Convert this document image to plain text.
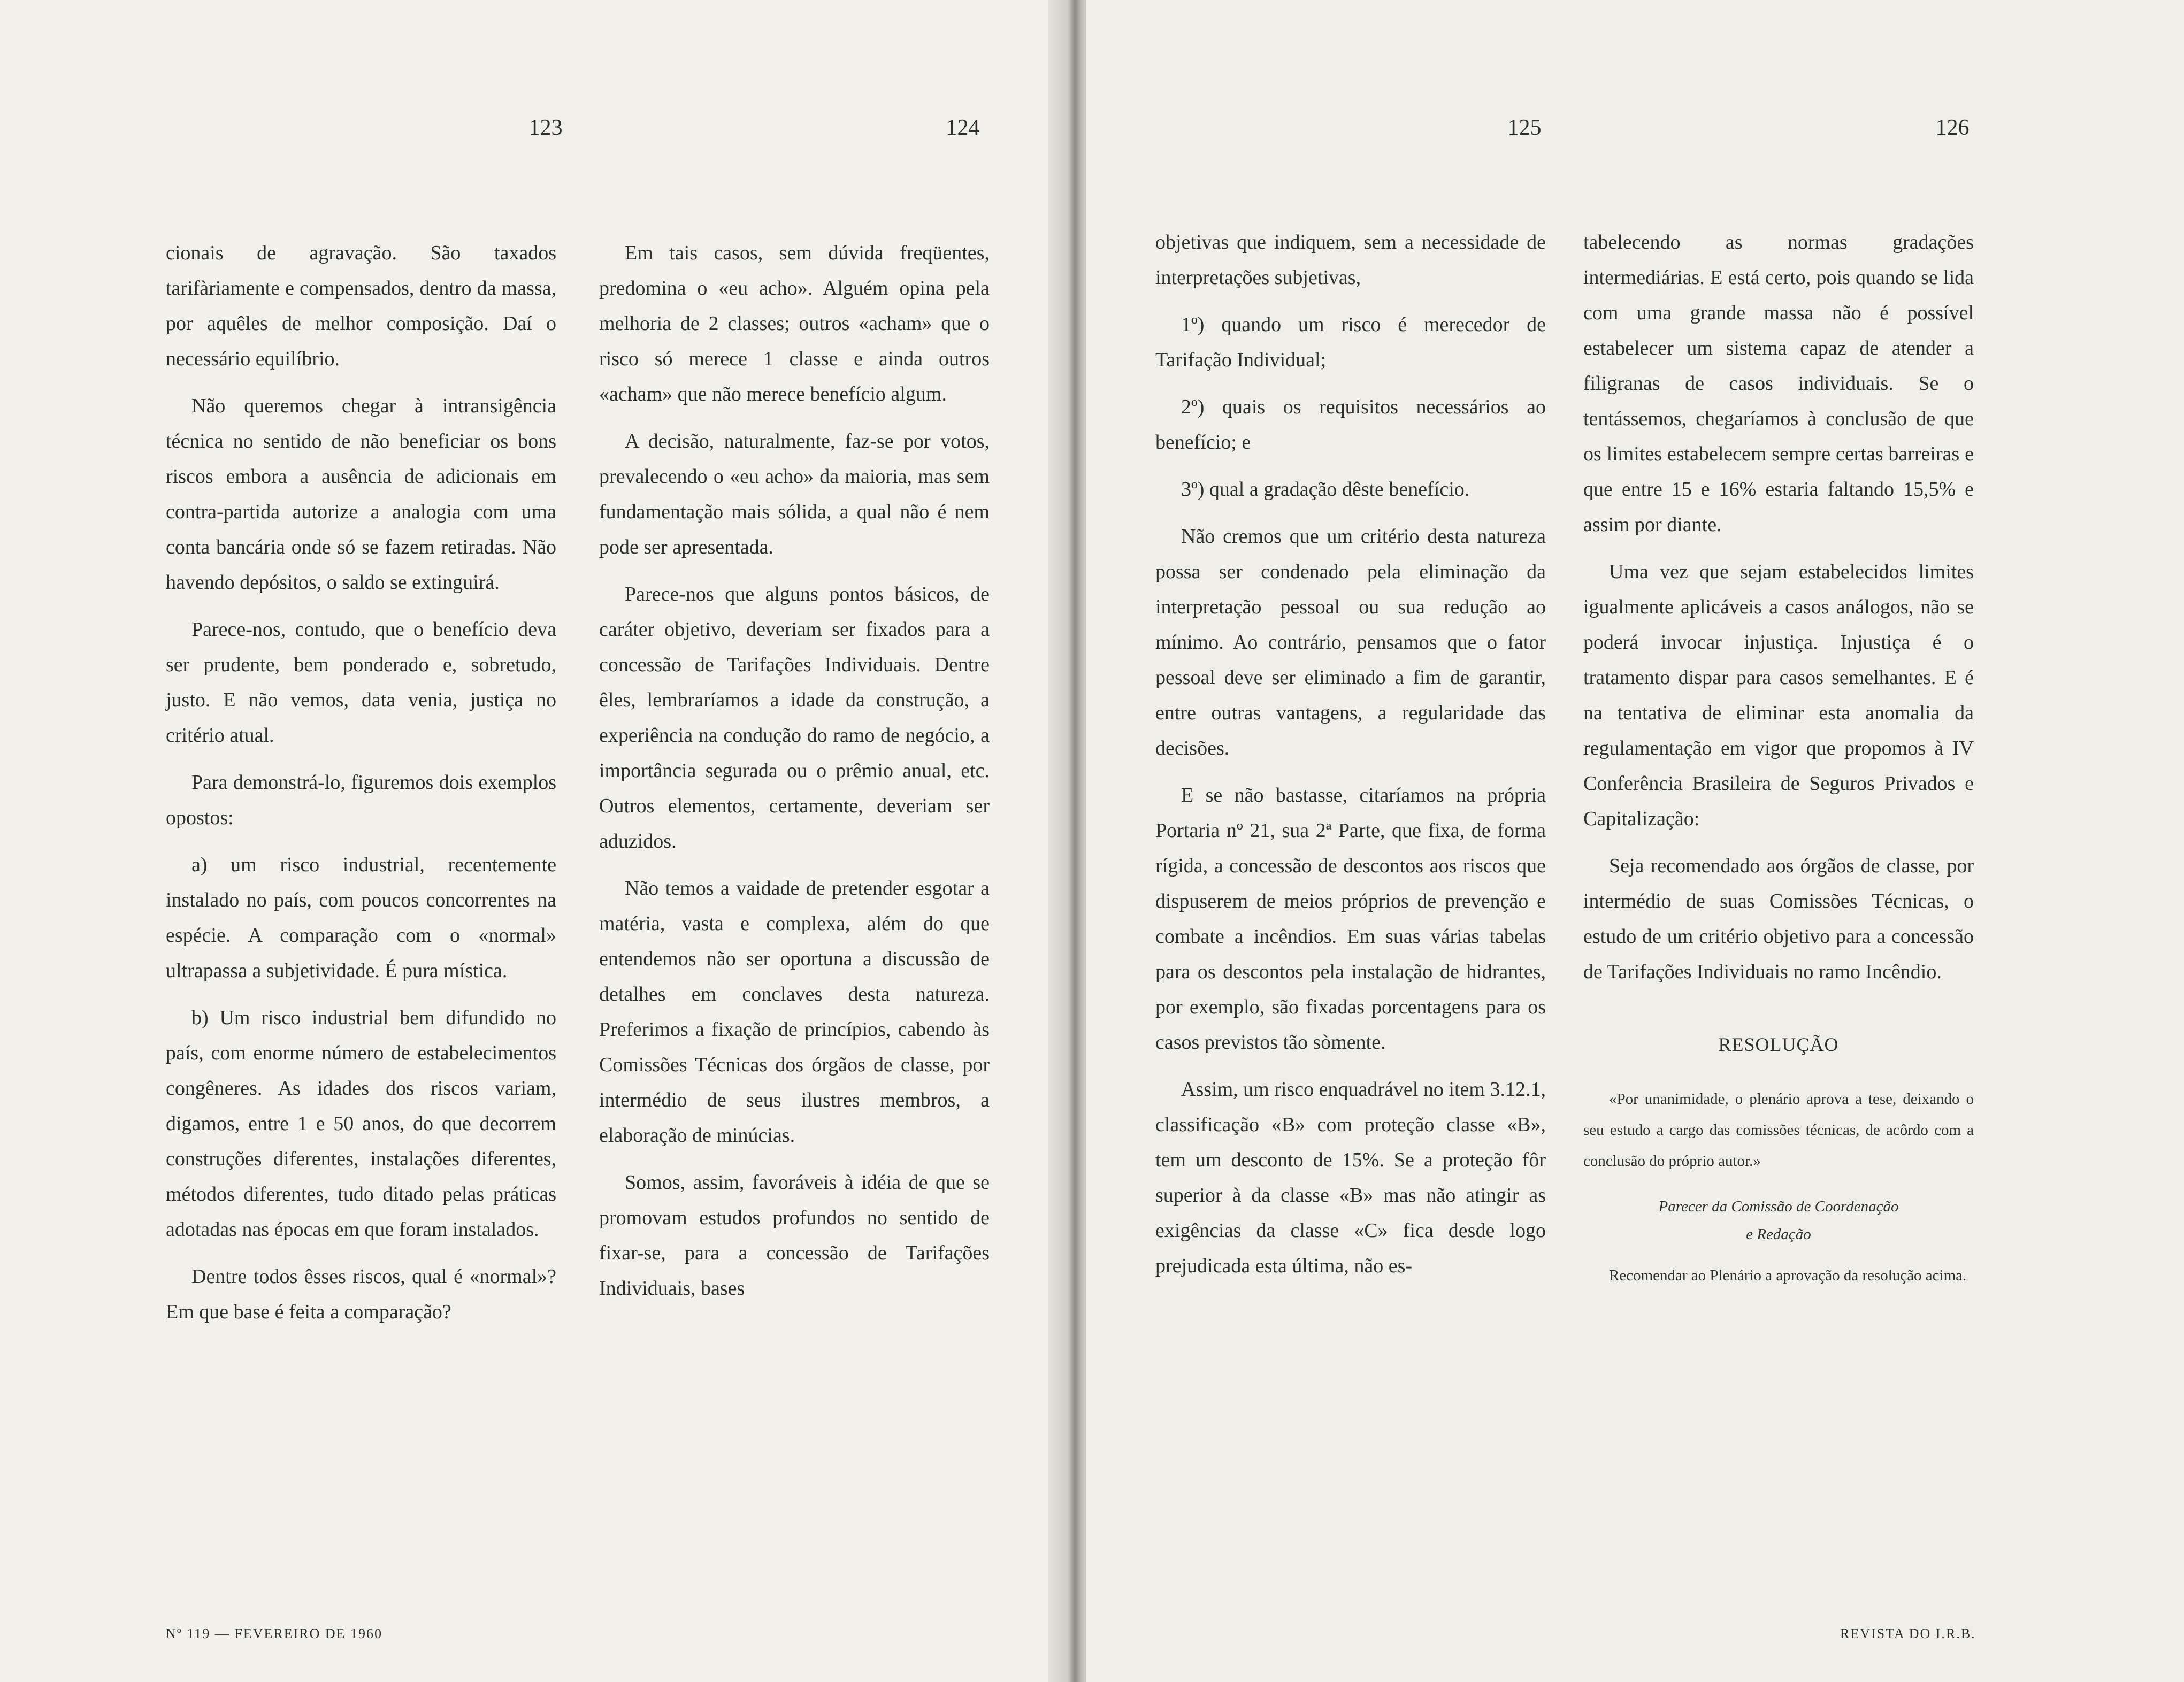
123	124

cionais de agravação. São taxados tarifàriamente e compensados, dentro da massa, por aquêles de melhor composição. Daí o necessário equilíbrio.

Não queremos chegar à intransigência técnica no sentido de não beneficiar os bons riscos embora a ausência de adicionais em contra-partida autorize a analogia com uma conta bancária onde só se fazem retiradas. Não havendo depósitos, o saldo se extinguirá.

Parece-nos, contudo, que o benefício deva ser prudente, bem ponderado e, sobretudo, justo. E não vemos, data venia, justiça no critério atual.

Para demonstrá-lo, figuremos dois exemplos opostos:

a) um risco industrial, recentemente instalado no país, com poucos concorrentes na espécie. A comparação com o «normal» ultrapassa a subjetividade. É pura mística.

b) Um risco industrial bem difundido no país, com enorme número de estabelecimentos congêneres. As idades dos riscos variam, digamos, entre 1 e 50 anos, do que decorrem construções diferentes, instalações diferentes, métodos diferentes, tudo ditado pelas práticas adotadas nas épocas em que foram instalados.

Dentre todos êsses riscos, qual é «normal»? Em que base é feita a comparação?

Em tais casos, sem dúvida freqüentes, predomina o «eu acho». Alguém opina pela melhoria de 2 classes; outros «acham» que o risco só merece 1 classe e ainda outros «acham» que não merece benefício algum.

A decisão, naturalmente, faz-se por votos, prevalecendo o «eu acho» da maioria, mas sem fundamentação mais sólida, a qual não é nem pode ser apresentada.

Parece-nos que alguns pontos básicos, de caráter objetivo, deveriam ser fixados para a concessão de Tarifações Individuais. Dentre êles, lembraríamos a idade da construção, a experiência na condução do ramo de negócio, a importância segurada ou o prêmio anual, etc. Outros elementos, certamente, deveriam ser aduzidos.

Não temos a vaidade de pretender esgotar a matéria, vasta e complexa, além do que entendemos não ser oportuna a discussão de detalhes em conclaves desta natureza. Preferimos a fixação de princípios, cabendo às Comissões Técnicas dos órgãos de classe, por intermédio de seus ilustres membros, a elaboração de minúcias.

Somos, assim, favoráveis à idéia de que se promovam estudos profundos no sentido de fixar-se, para a concessão de Tarifações Individuais, bases

Nº 119 — FEVEREIRO DE 1960

125	126

objetivas que indiquem, sem a necessidade de interpretações subjetivas,

1º) quando um risco é merecedor de Tarifação Individual;

2º) quais os requisitos necessários ao benefício; e

3º) qual a gradação dêste benefício.

Não cremos que um critério desta natureza possa ser condenado pela eliminação da interpretação pessoal ou sua redução ao mínimo. Ao contrário, pensamos que o fator pessoal deve ser eliminado a fim de garantir, entre outras vantagens, a regularidade das decisões.

E se não bastasse, citaríamos na própria Portaria nº 21, sua 2ª Parte, que fixa, de forma rígida, a concessão de descontos aos riscos que dispuserem de meios próprios de prevenção e combate a incêndios. Em suas várias tabelas para os descontos pela instalação de hidrantes, por exemplo, são fixadas porcentagens para os casos previstos tão sòmente.

Assim, um risco enquadrável no item 3.12.1, classificação «B» com proteção classe «B», tem um desconto de 15%. Se a proteção fôr superior à da classe «B» mas não atingir as exigências da classe «C» fica desde logo prejudicada esta última, não es-

tabelecendo as normas gradações intermediárias. E está certo, pois quando se lida com uma grande massa não é possível estabelecer um sistema capaz de atender a filigranas de casos individuais. Se o tentássemos, chegaríamos à conclusão de que os limites estabelecem sempre certas barreiras e que entre 15 e 16% estaria faltando 15,5% e assim por diante.

Uma vez que sejam estabelecidos limites igualmente aplicáveis a casos análogos, não se poderá invocar injustiça. Injustiça é o tratamento dispar para casos semelhantes. E é na tentativa de eliminar esta anomalia da regulamentação em vigor que propomos à IV Conferência Brasileira de Seguros Privados e Capitalização:

Seja recomendado aos órgãos de classe, por intermédio de suas Comissões Técnicas, o estudo de um critério objetivo para a concessão de Tarifações Individuais no ramo Incêndio.

RESOLUÇÃO

«Por unanimidade, o plenário aprova a tese, deixando o seu estudo a cargo das comissões técnicas, de acôrdo com a conclusão do próprio autor.»

Parecer da Comissão de Coordenação

e Redação

Recomendar ao Plenário a aprovação da resolução acima.

REVISTA DO I.R.B.
